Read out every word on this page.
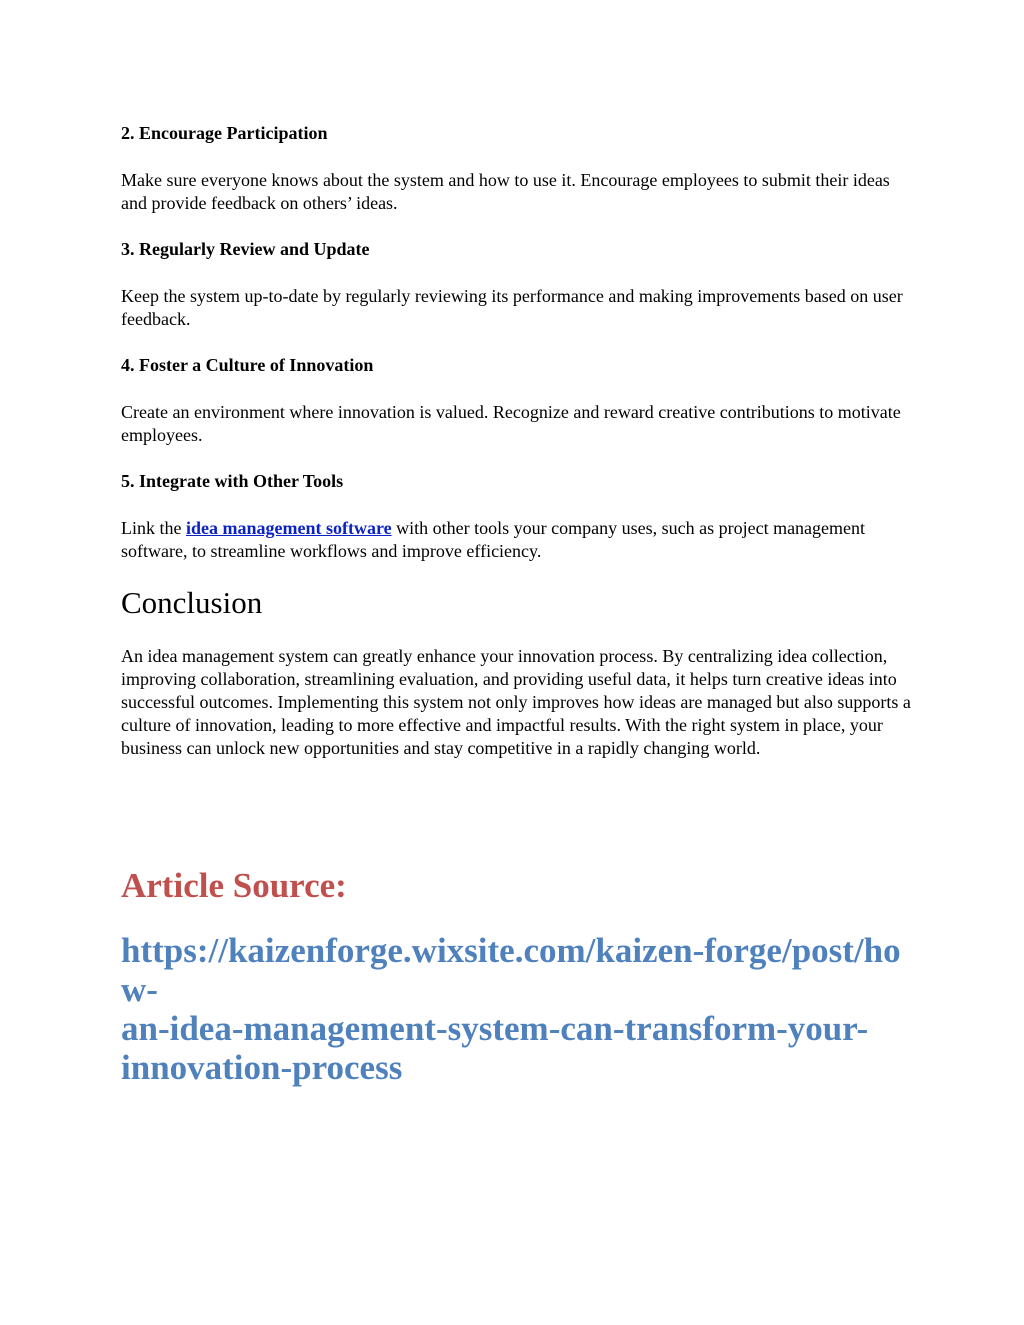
2. Encourage Participation

Make sure everyone knows about the system and how to use it. Encourage employees to submit their ideas and provide feedback on others’ ideas.

3. Regularly Review and Update

Keep the system up-to-date by regularly reviewing its performance and making improvements based on user feedback.

4. Foster a Culture of Innovation

Create an environment where innovation is valued. Recognize and reward creative contributions to motivate employees.

5. Integrate with Other Tools

Link the idea management software with other tools your company uses, such as project management software, to streamline workflows and improve efficiency.

Conclusion

An idea management system can greatly enhance your innovation process. By centralizing idea collection, improving collaboration, streamlining evaluation, and providing useful data, it helps turn creative ideas into successful outcomes. Implementing this system not only improves how ideas are managed but also supports a culture of innovation, leading to more effective and impactful results. With the right system in place, your business can unlock new opportunities and stay competitive in a rapidly changing world.

Article Source:
https://kaizenforge.wixsite.com/kaizen-forge/post/how-
an-idea-management-system-can-transform-your-
innovation-process
